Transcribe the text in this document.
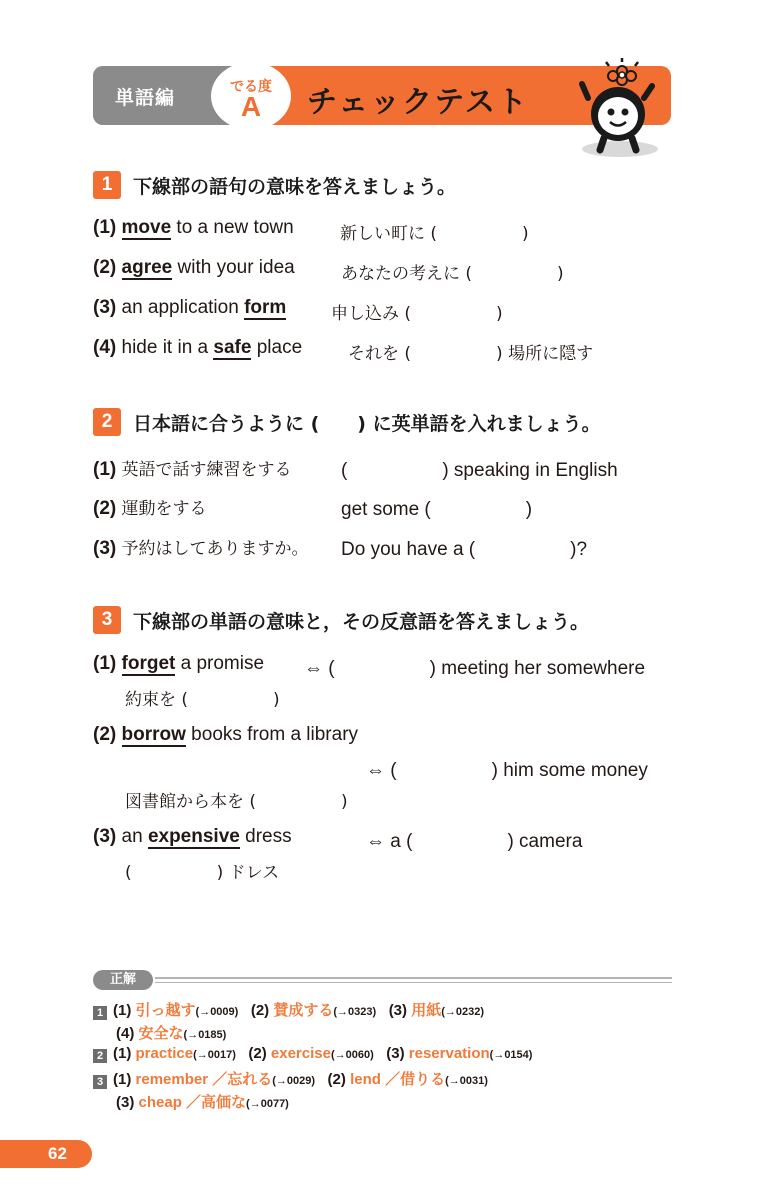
単語編	でる度
A	チェックテスト
1	下線部の語句の意味を答えましょう。
(1) move to a new town	新しい町に (　　　　　)
(2) agree with your idea	あなたの考えに (　　　　　)
(3) an application form	申し込み (　　　　　)
(4) hide it in a safe place	それを (　　　　　) 場所に隠す
2	日本語に合うように (　　) に英単語を入れましょう。
(1) 英語で話す練習をする	(　　　　　) speaking in English
(2) 運動をする	get some (　　　　　)
(3) 予約はしてありますか。 Do you have a (　　　　　)?
3	下線部の単語の意味と，その反意語を答えましょう。
(1) forget a promise ⇔ (　　　　　) meeting her somewhere
約束を (　　　　　)
(2) borrow books from a library
⇔ (　　　　　) him some money
図書館から本を (　　　　　)
(3) an expensive dress	⇔ a (　　　　　) camera
(　　　　　) ドレス
正解
1 (1) 引っ越す(→0009) (2) 賛成する(→0323) (3) 用紙(→0232)
(4) 安全な(→0185)
2 (1) practice(→0017) (2) exercise(→0060) (3) reservation(→0154)
3 (1) remember ／忘れる(→0029) (2) lend ／借りる(→0031)
(3) cheap ／高価な(→0077)
62
